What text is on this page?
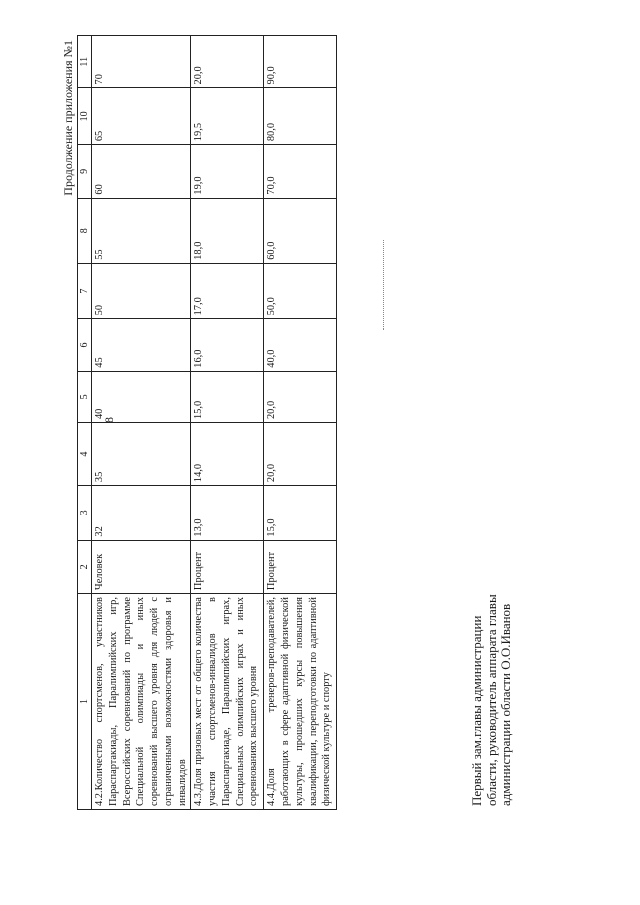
8
Продолжение приложения №1
1	2	3	4	5	6	7	8	9	10	11
4.2.Количество спортсменов, участников Параспартакиады, Паралимпийских игр, Всероссийских соревнований по программе Специальной олимпиады и иных соревнований высшего уровня для людей с ограниченными возможностями здоровья и инвалидов	Человек	32	35	40	45	50	55	60	65	70
4.3.Доля призовых мест от общего количества участия спортсменов-инвалидов в Параспартакиаде, Паралимпийских играх, Специальных олимпийских играх и иных соревнованиях высшего уровня	Процент	13,0	14,0	15,0	16,0	17,0	18,0	19,0	19,5	20,0
4.4.Доля тренеров-преподавателей, работающих в сфере адаптивной физической культуры, прошедших курсы повышения квалификации, переподготовки по адаптивной физической культуре и спорту	Процент	15,0	20,0	20,0	40,0	50,0	60,0	70,0	80,0	90,0
Первый зам.главы администрации области, руководитель аппарата главы администрации области О.О.Иванов
